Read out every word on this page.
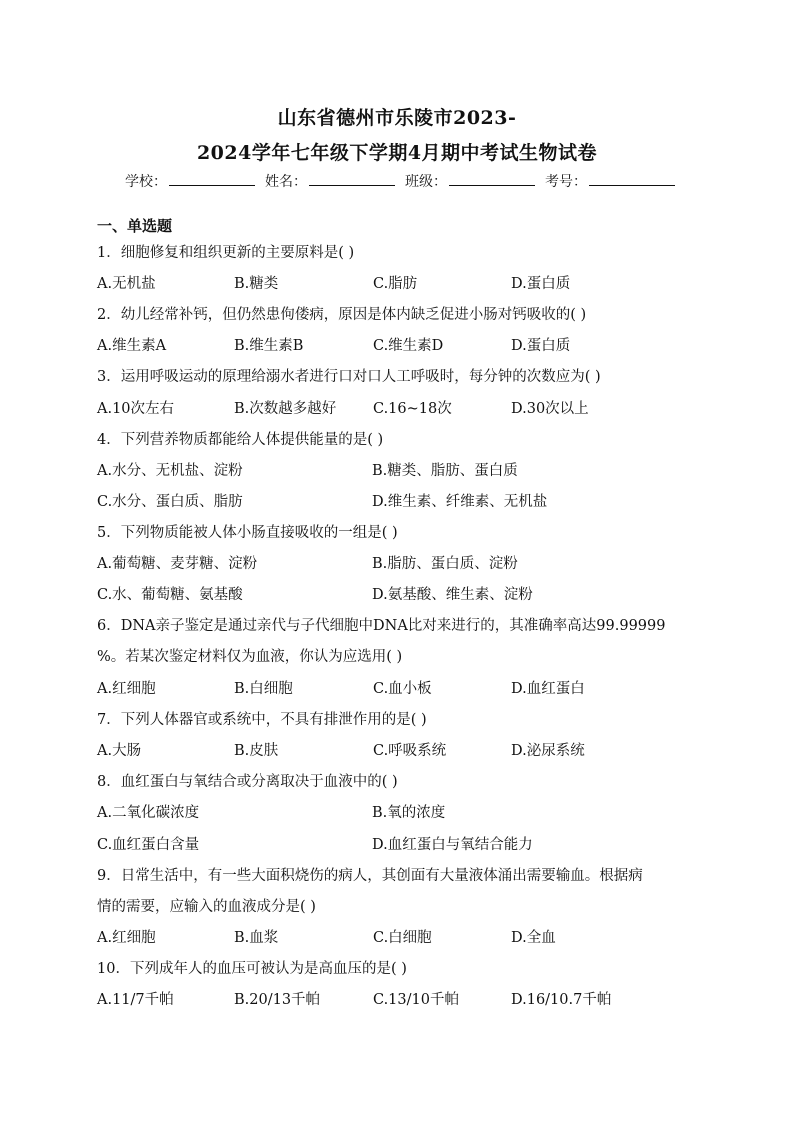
山东省德州市乐陵市2023-
2024学年七年级下学期4月期中考试生物试卷
学校：	姓名：	班级：	考号：
一、单选题
1．细胞修复和组织更新的主要原料是( )
A.无机盐	B.糖类	C.脂肪	D.蛋白质
2．幼儿经常补钙，但仍然患佝偻病，原因是体内缺乏促进小肠对钙吸收的( )
A.维生素A	B.维生素B	C.维生素D	D.蛋白质
3．运用呼吸运动的原理给溺水者进行口对口人工呼吸时，每分钟的次数应为( )
A.10次左右	B.次数越多越好	C.16~18次	D.30次以上
4．下列营养物质都能给人体提供能量的是( )
A.水分、无机盐、淀粉	B.糖类、脂肪、蛋白质
C.水分、蛋白质、脂肪	D.维生素、纤维素、无机盐
5．下列物质能被人体小肠直接吸收的一组是( )
A.葡萄糖、麦芽糖、淀粉	B.脂肪、蛋白质、淀粉
C.水、葡萄糖、氨基酸	D.氨基酸、维生素、淀粉
6．DNA亲子鉴定是通过亲代与子代细胞中DNA比对来进行的，其准确率高达99.99999
%。若某次鉴定材料仅为血液，你认为应选用( )
A.红细胞	B.白细胞	C.血小板	D.血红蛋白
7．下列人体器官或系统中，不具有排泄作用的是( )
A.大肠	B.皮肤	C.呼吸系统	D.泌尿系统
8．血红蛋白与氧结合或分离取决于血液中的( )
A.二氧化碳浓度	B.氧的浓度
C.血红蛋白含量	D.血红蛋白与氧结合能力
9．日常生活中，有一些大面积烧伤的病人，其创面有大量液体涌出需要输血。根据病
情的需要，应输入的血液成分是( )
A.红细胞	B.血浆	C.白细胞	D.全血
10．下列成年人的血压可被认为是高血压的是( )
A.11/7千帕	B.20/13千帕	C.13/10千帕	D.16/10.7千帕
